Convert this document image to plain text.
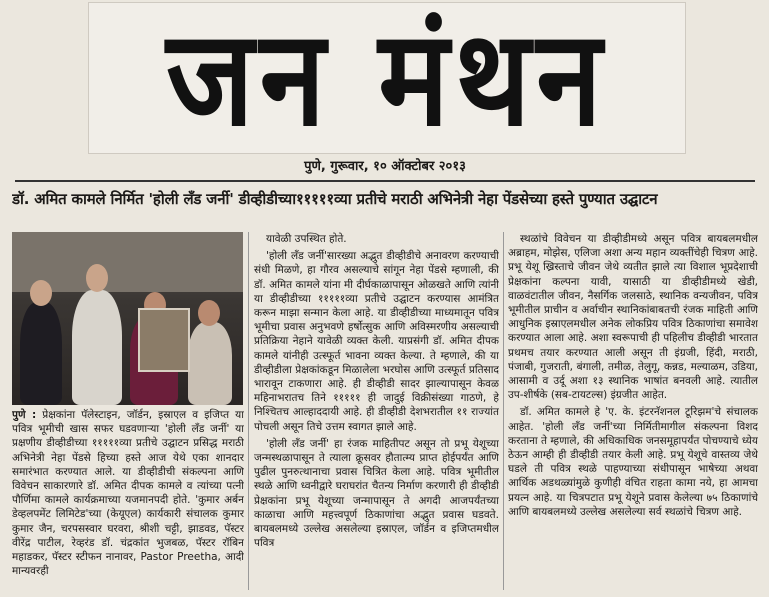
जन मंथन
पुणे, गुरूवार, १० ऑक्टोबर २०१३
डॉ. अमित कामले निर्मित 'होली लँड जर्नी' डीव्हीडीच्या१११११व्या प्रतीचे मराठी अभिनेत्री नेहा पेंडसेच्या हस्ते पुण्यात उद्घाटन

पुणे : प्रेक्षकांना पॅलेस्टाइन, जॉर्डन, इस्राएल व इजिप्त या पवित्र भूमीची खास सफर घडवणाऱ्या 'होली लँड जर्नी' या प्रक्षणीय डीव्हीडीच्या १११११व्या प्रतीचे उद्घाटन प्रसिद्ध मराठी अभिनेत्री नेहा पेंडसे हिच्या हस्ते आज येथे एका शानदार समारंभात करण्यात आले. या डीव्हीडीची संकल्पना आणि विवेचन साकारणारे डॉ. अमित दीपक कामले व त्यांच्या पत्नी पौर्णिमा कामले कार्यक्रमाच्या यजमानपदी होते. 'कुमार अर्बन डेव्हलपमेंट लिमिटेड'च्या (केयूएल) कार्यकारी संचालक कुमार कुमार जैन, चरपसस्वार घरवरा, श्रीशी चट्टी, झाडवड, पॅस्टर वीरेंद्र पाटील, रेव्हरंड डॉ. चंद्रकांत भुजबळ, पॅस्टर रॉबिन महाडकर, पॅस्टर स्टीफन नानावर, Pastor Preetha, आदी मान्यवरही

यावेळी उपस्थित होते.

'होली लँड जर्नी'सारख्या अद्भुत डीव्हीडीचे अनावरण करण्याची संधी मिळणे, हा गौरव असल्याचे सांगून नेहा पेंडसे म्हणाली, की डॉ. अमित कामले यांना मी दीर्घकाळापासून ओळखते आणि त्यांनी या डीव्हीडीच्या १११११व्या प्रतीचे उद्घाटन करण्यास आमंत्रित करून माझा सन्मान केला आहे. या डीव्हीडीच्या माध्यमातून पवित्र भूमीचा प्रवास अनुभवणे हर्षोत्सुक आणि अविस्मरणीय असल्याची प्रतिक्रिया नेहाने यावेळी व्यक्त केली. याप्रसंगी डॉ. अमित दीपक कामले यांनीही उत्स्फूर्त भावना व्यक्त केल्या. ते म्हणाले, की या डीव्हीडीला प्रेक्षकांकडून मिळालेला भरघोस आणि उत्स्फूर्त प्रतिसाद भारावून टाकणारा आहे. ही डीव्हीडी सादर झाल्यापासून केवळ महिनाभरातच तिने १११११ ही जादुई विक्रीसंख्या गाठणे, हे निश्चितच आल्हाददायी आहे. ही डीव्हीडी देशभरातील ११ राज्यांत पोचली असून तिचे उत्तम स्वागत झाले आहे.

'होली लँड जर्नी' हा रंजक माहितीपट असून तो प्रभू येशूच्या जन्मस्थळापासून ते त्याला क्रूसवर हौतात्म्य प्राप्त होईपर्यंत आणि पुढील पुनरुत्थानाचा प्रवास चित्रित केला आहे. पवित्र भूमीतील स्थळे आणि ध्वनीद्वारे घराघरांत चैतन्य निर्माण करणारी ही डीव्हीडी प्रेक्षकांना प्रभू येशूच्या जन्मापासून ते अगदी आजपर्यंतच्या काळाचा आणि महत्त्वपूर्ण ठिकाणांचा अद्भुत प्रवास घडवते. बायबलमध्ये उल्लेख असलेल्या इस्राएल, जॉर्डन व इजिप्तमधील पवित्र

स्थळांचे विवेचन या डीव्हीडीमध्ये असून पवित्र बायबलमधील अब्राहम, मोझेस, एलिजा अशा अन्य महान व्यक्तींचेही चित्रण आहे. प्रभू येशू ख्रिस्ताचे जीवन जेथे व्यतीत झाले त्या विशाल भूप्रदेशाची प्रेक्षकांना कल्पना यावी, यासाठी या डीव्हीडीमध्ये खेडी, वाळवंटातील जीवन, नैसर्गिक जलसाठे, स्थानिक वन्यजीवन, पवित्र भूमीतील प्राचीन व अर्वाचीन स्थानिकांबाबतची रंजक माहिती आणि आधुनिक इस्राएलमधील अनेक लोकप्रिय पवित्र ठिकाणांचा समावेश करण्यात आला आहे. अशा स्वरूपाची ही पहिलीच डीव्हीडी भारतात प्रथमच तयार करण्यात आली असून ती इंग्रजी, हिंदी, मराठी, पंजाबी, गुजराती, बंगाली, तमीळ, तेलुगू, कन्नड, मल्याळम, उडिया, आसामी व उर्दू अशा १३ स्थानिक भाषांत बनवली आहे. त्यातील उप-शीर्षके (सब-टायटल्स) इंग्रजीत आहेत.

डॉ. अमित कामले हे 'ए. के. इंटरनॅशनल टूरिझम'चे संचालक आहेत. 'होली लँड जर्नी'च्या निर्मितीमागील संकल्पना विशद करताना ते म्हणाले, की अधिकाधिक जनसमूहापर्यंत पोचण्याचे ध्येय ठेऊन आम्ही ही डीव्हीडी तयार केली आहे. प्रभू येशूचे वास्तव्य जेथे घडले ती पवित्र स्थळे पाहण्याच्या संधीपासून भाषेच्या अथवा आर्थिक अडथळ्यांमुळे कुणीही वंचित राहता कामा नये, हा आमचा प्रयत्न आहे. या चित्रपटात प्रभू येशूने प्रवास केलेल्या ७५ ठिकाणांचे आणि बायबलमध्ये उल्लेख असलेल्या सर्व स्थळांचे चित्रण आहे.
